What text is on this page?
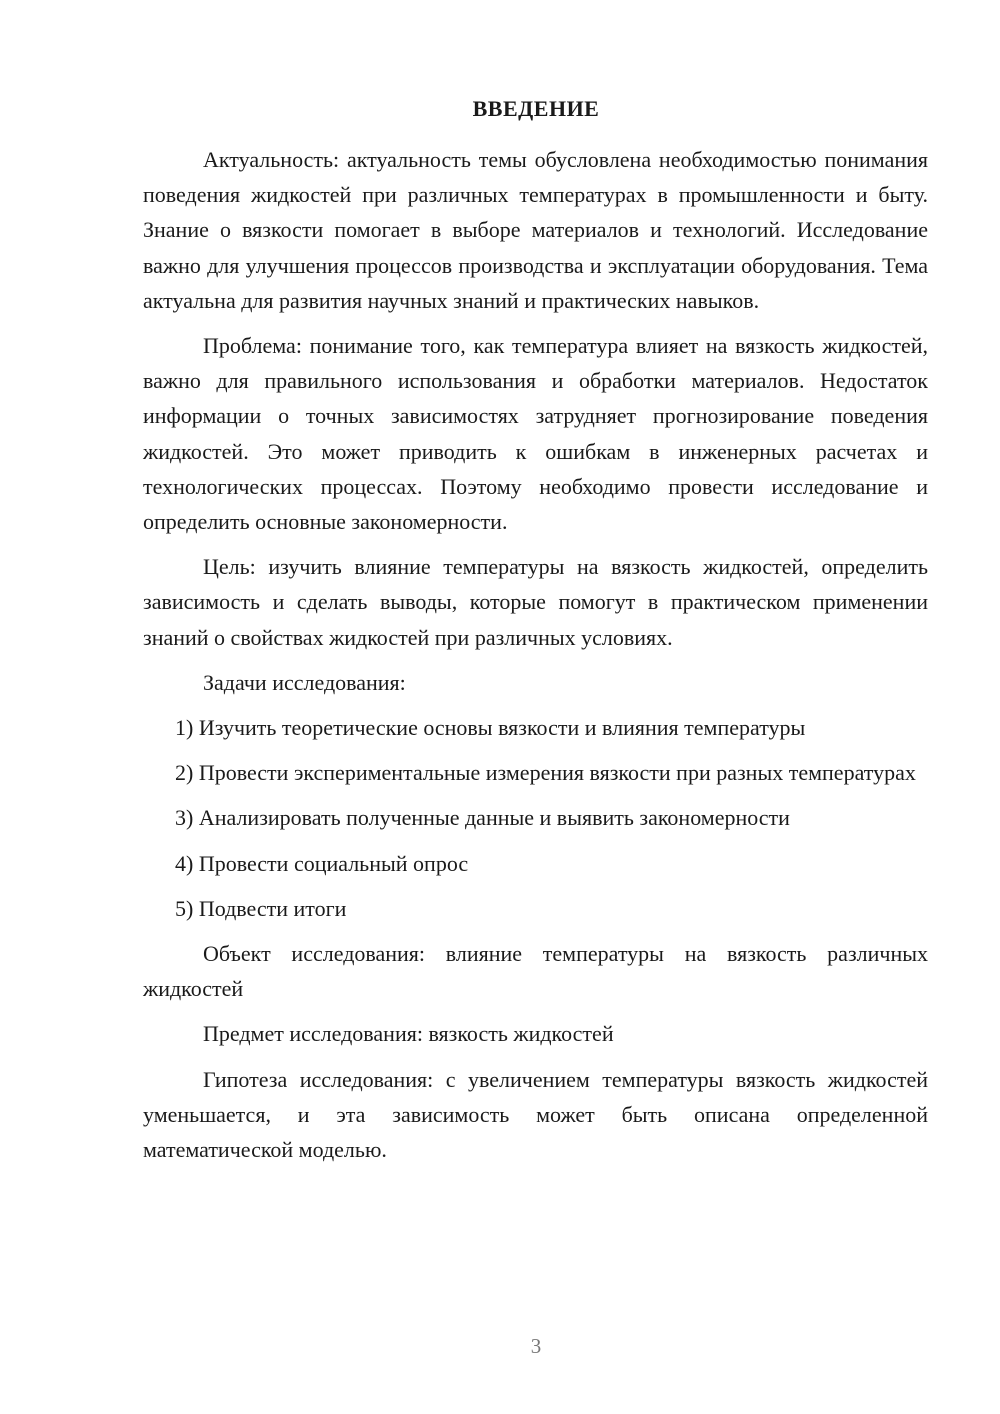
ВВЕДЕНИЕ

Актуальность: актуальность темы обусловлена необходимостью понимания поведения жидкостей при различных температурах в промышленности и быту. Знание о вязкости помогает в выборе материалов и технологий. Исследование важно для улучшения процессов производства и эксплуатации оборудования. Тема актуальна для развития научных знаний и практических навыков.

Проблема: понимание того, как температура влияет на вязкость жидкостей, важно для правильного использования и обработки материалов. Недостаток информации о точных зависимостях затрудняет прогнозирование поведения жидкостей. Это может приводить к ошибкам в инженерных расчетах и технологических процессах. Поэтому необходимо провести исследование и определить основные закономерности.

Цель: изучить влияние температуры на вязкость жидкостей, определить зависимость и сделать выводы, которые помогут в практическом применении знаний о свойствах жидкостей при различных условиях.

Задачи исследования:

1) Изучить теоретические основы вязкости и влияния температуры

2) Провести экспериментальные измерения вязкости при разных температурах

3) Анализировать полученные данные и выявить закономерности

4) Провести социальный опрос

5) Подвести итоги

Объект исследования: влияние температуры на вязкость различных жидкостей

Предмет исследования: вязкость жидкостей

Гипотеза исследования: с увеличением температуры вязкость жидкостей уменьшается, и эта зависимость может быть описана определенной математической моделью.

3
